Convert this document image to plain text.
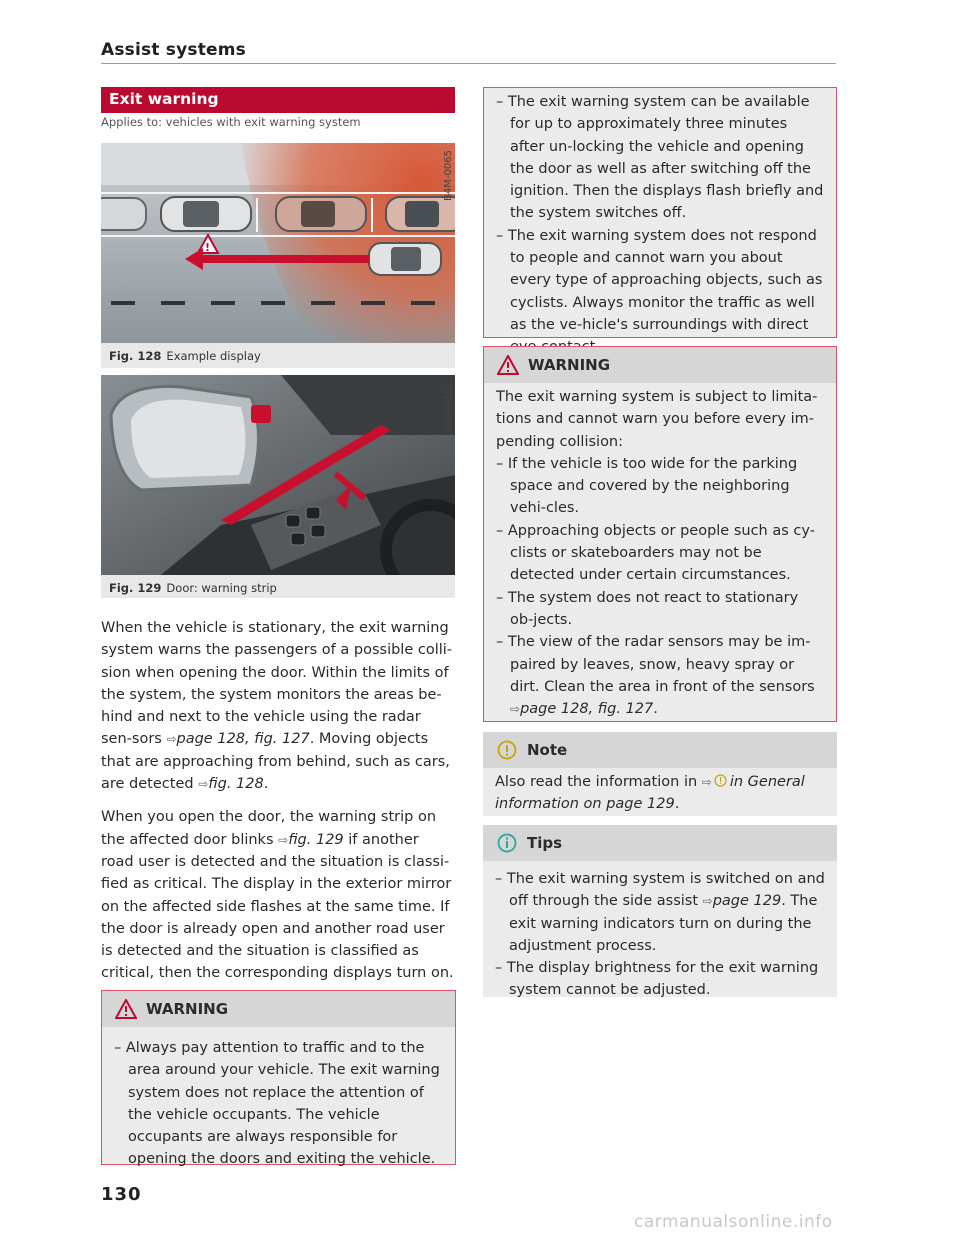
Assist systems
Exit warning
Applies to: vehicles with exit warning system
!
B4M-0065
Fig. 128 Example display
B8W-0102
Fig. 129 Door: warning strip

When the vehicle is stationary, the exit warning system warns the passengers of a possible colli-sion when opening the door. Within the limits of the system, the system monitors the areas be-hind and next to the vehicle using the radar sen-sors ⇨page 128, fig. 127. Moving objects that are approaching from behind, such as cars, are detected ⇨fig. 128.

When you open the door, the warning strip on the affected door blinks ⇨fig. 129 if another road user is detected and the situation is classi-fied as critical. The display in the exterior mirror on the affected side flashes at the same time. If the door is already open and another road user is detected and the situation is classified as critical, then the corresponding displays turn on.

WARNING
– Always pay attention to traffic and to the area around your vehicle. The exit warning system does not replace the attention of the vehicle occupants. The vehicle occupants are always responsible for opening the doors and exiting the vehicle.
– The exit warning system can be available for up to approximately three minutes after un-locking the vehicle and opening the door as well as after switching off the ignition. Then the displays flash briefly and the system switches off.
– The exit warning system does not respond to people and cannot warn you about every type of approaching objects, such as cyclists. Always monitor the traffic as well as the ve-hicle's surroundings with direct
WARNING

The exit warning system is subject to limita-tions and cannot warn you before every im-pending collision:

– If the vehicle is too wide for the parking space and covered by the neighboring vehi-cles.
– Approaching objects or people such as cy-clists or skateboarders may not be detected under certain circumstances.
– The system does not react to stationary ob-jects.
– The view of the radar sensors may be im-paired by leaves, snow, heavy spray or dirt. Clean the area in front of the sensors ⇨page 128, fig. 127.
Note

Also read the information in ⇨ in General information on page 129.

Tips
– The exit warning system is switched on and off through the side assist ⇨page 129. The exit warning indicators turn on during the adjustment process.
– The display brightness for the exit warning system cannot be adjusted.
130
carmanualsonline.info
